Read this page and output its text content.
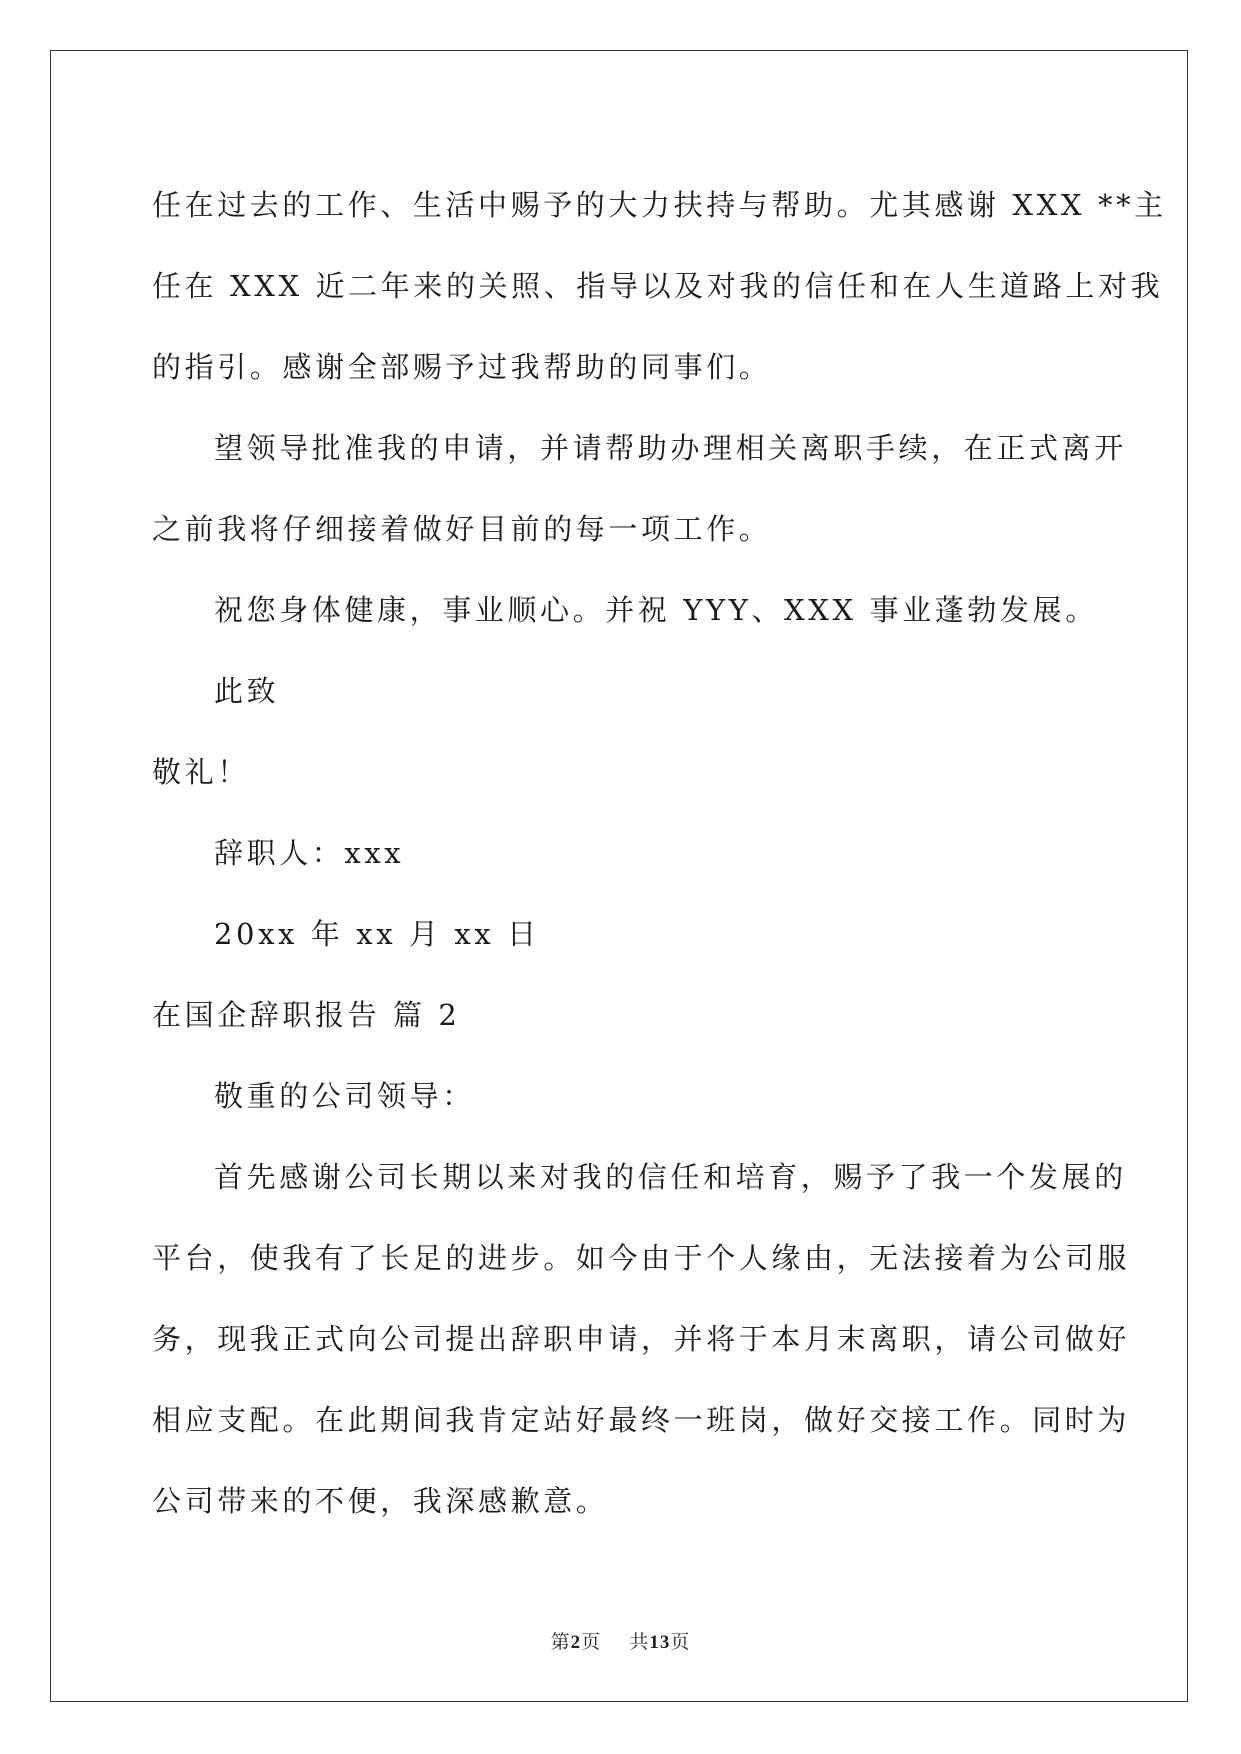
任在过去的工作、生活中赐予的大力扶持与帮助。尤其感谢 XXX **主
任在 XXX 近二年来的关照、指导以及对我的信任和在人生道路上对我
的指引。感谢全部赐予过我帮助的同事们。
望领导批准我的申请，并请帮助办理相关离职手续，在正式离开
之前我将仔细接着做好目前的每一项工作。
祝您身体健康，事业顺心。并祝 YYY、XXX 事业蓬勃发展。
此致
敬礼！
辞职人：xxx
20xx 年 xx 月 xx 日
在国企辞职报告 篇 2
敬重的公司领导：
首先感谢公司长期以来对我的信任和培育，赐予了我一个发展的
平台，使我有了长足的进步。如今由于个人缘由，无法接着为公司服
务，现我正式向公司提出辞职申请，并将于本月末离职，请公司做好
相应支配。在此期间我肯定站好最终一班岗，做好交接工作。同时为
公司带来的不便，我深感歉意。
第2页 共13页
